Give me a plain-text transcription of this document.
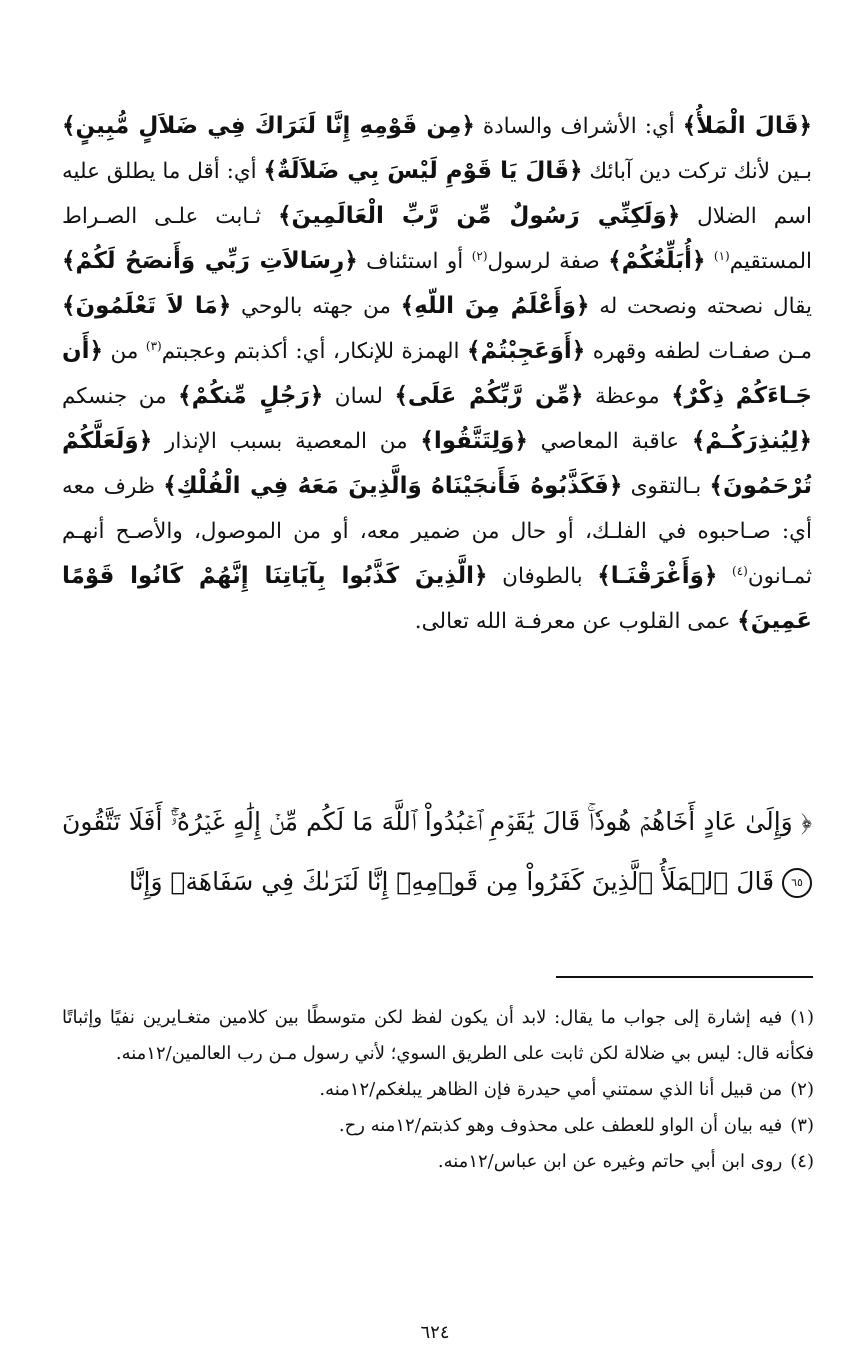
﴿قَالَ الْمَلأُ﴾ أي: الأشراف والسادة ﴿مِن قَوْمِهِ إِنَّا لَنَرَاكَ فِي ضَلاَلٍ مُّبِينٍ﴾ بـين لأنك تركت دين آبائك ﴿قَالَ يَا قَوْمِ لَيْسَ بِي ضَلاَلَةٌ﴾ أي: أقل ما يطلق عليه اسم الضلال ﴿وَلَكِنِّي رَسُولٌ مِّن رَّبِّ الْعَالَمِينَ﴾ ثـابت علـى الصـراط المستقيم$^{(١)}$ ﴿أُبَلِّغُكُمْ﴾ صفة لرسول$^{(٢)}$ أو استئناف ﴿رِسَالاَتِ رَبِّي وَأَنصَحُ لَكُمْ﴾ يقال نصحته ونصحت له ﴿وَأَعْلَمُ مِنَ اللّهِ﴾ من جهته بالوحي ﴿مَا لاَ تَعْلَمُونَ﴾ مـن صفـات لطفه وقهره ﴿أَوَعَجِبْتُمْ﴾ الهمزة للإنكار، أي: أكذبتم وعجبتم$^{(٣)}$ من ﴿أَن جَـاءَكُمْ ذِكْرٌ﴾ موعظة ﴿مِّن رَّبِّكُمْ عَلَى﴾ لسان ﴿رَجُلٍ مِّنكُمْ﴾ من جنسكم ﴿لِيُنذِرَكُـمْ﴾ عاقبة المعاصي ﴿وَلِتَتَّقُوا﴾ من المعصية بسبب الإنذار ﴿وَلَعَلَّكُمْ تُرْحَمُونَ﴾ بـالتقوى ﴿فَكَذَّبُوهُ فَأَنجَيْنَاهُ وَالَّذِينَ مَعَهُ فِي الْفُلْكِ﴾ ظرف معه أي: صـاحبوه في الفلـك، أو حال من ضمير معه، أو من الموصول، والأصـح أنهـم ثمـانون$^{(٤)}$ ﴿وَأَغْرَقْنَـا﴾ بالطوفان ﴿الَّذِينَ كَذَّبُوا بِآيَاتِنَا إِنَّهُمْ كَانُوا قَوْمًا عَمِينَ﴾ عمى القلوب عن معرفـة الله تعالى.

﴿ وَإِلَىٰ عَادٍ أَخَاهُمۡ هُودٗاۚ قَالَ يَٰقَوۡمِ ٱعۡبُدُواْ ٱللَّهَ مَا لَكُم مِّنۡ إِلَٰهٍ غَيۡرُهُۥٓۚ أَفَلَا تَتَّقُونَ ٦٥ قَالَ ٱلۡمَلَأُ ٱلَّذِينَ كَفَرُواْ مِن قَوۡمِهِۦٓ إِنَّا لَنَرَىٰكَ فِي سَفَاهَةٖ وَإِنَّا

(١)فيه إشارة إلى جواب ما يقال: لابد أن يكون لفظ لكن متوسطًا بين كلامين متغـايرين نفيًا وإثباتًا فكأنه قال: ليس بي ضلالة لكن ثابت على الطريق السوي؛ لأني رسول مـن رب العالمين/١٢منه.

(٢)من قبيل أنا الذي سمتني أمي حيدرة فإن الظاهر يبلغكم/١٢منه.

(٣)فيه بيان أن الواو للعطف على محذوف وهو كذبتم/١٢منه رح.

(٤)روى ابن أبي حاتم وغيره عن ابن عباس/١٢منه.

٦٢٤
